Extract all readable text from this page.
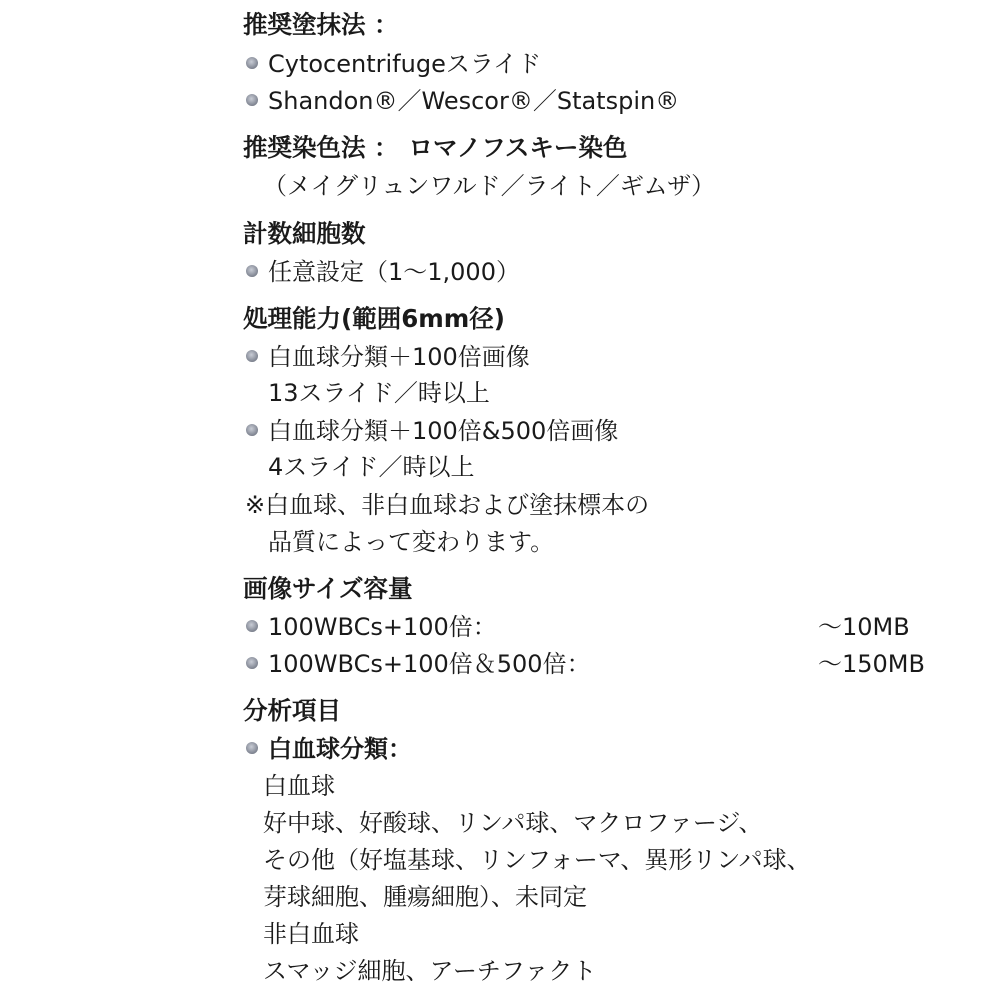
推奨塗抹法 ：
Cytocentrifugeスライド
Shandon®／Wescor®／Statspin®
推奨染色法 ： ロマノフスキー染色
（メイグリュンワルド／ライト／ギムザ）
計数細胞数
任意設定（1～1,000）
処理能力(範囲6mm径)
白血球分類＋100倍画像
13スライド／時以上
白血球分類＋100倍&500倍画像
4スライド／時以上
※白血球、非白血球および塗抹標本の
品質によって変わります。
画像サイズ容量
100WBCs+100倍：	～10MB
100WBCs+100倍＆500倍：	～150MB
分析項目
白血球分類：
白血球
好中球、好酸球、リンパ球、マクロファージ、
その他（好塩基球、リンフォーマ、異形リンパ球、
芽球細胞、腫瘍細胞）、未同定
非白血球
スマッジ細胞、アーチファクト
